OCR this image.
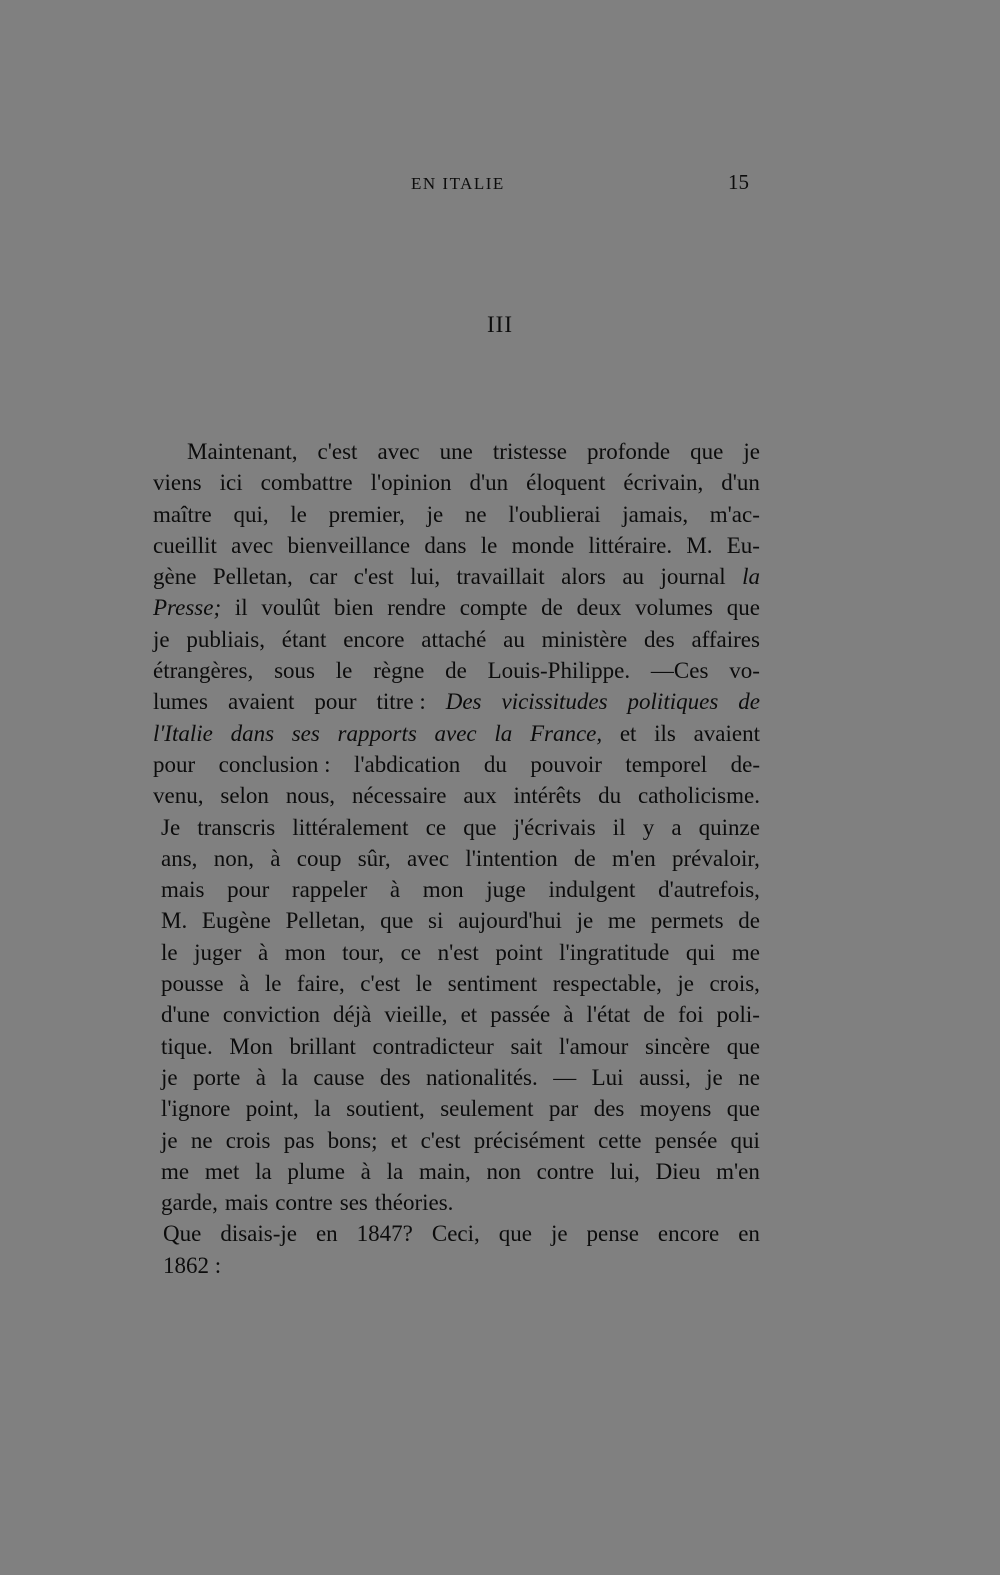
EN ITALIE	15
III
Maintenant, c'est avec une tristesse profonde que je
viens ici combattre l'opinion d'un éloquent écrivain, d'un
maître qui, le premier, je ne l'oublierai jamais, m'ac-
cueillit avec bienveillance dans le monde littéraire. M. Eu-
gène Pelletan, car c'est lui, travaillait alors au journal la
Presse; il voulût bien rendre compte de deux volumes que
je publiais, étant encore attaché au ministère des affaires
étrangères, sous le règne de Louis-Philippe. —Ces vo-
lumes avaient pour titre : Des vicissitudes politiques de
l'Italie dans ses rapports avec la France, et ils avaient
pour conclusion : l'abdication du pouvoir temporel de-
venu, selon nous, nécessaire aux intérêts du catholicisme.
Je transcris littéralement ce que j'écrivais il y a quinze
ans, non, à coup sûr, avec l'intention de m'en prévaloir,
mais pour rappeler à mon juge indulgent d'autrefois,
M. Eugène Pelletan, que si aujourd'hui je me permets de
le juger à mon tour, ce n'est point l'ingratitude qui me
pousse à le faire, c'est le sentiment respectable, je crois,
d'une conviction déjà vieille, et passée à l'état de foi poli-
tique. Mon brillant contradicteur sait l'amour sincère que
je porte à la cause des nationalités. — Lui aussi, je ne
l'ignore point, la soutient, seulement par des moyens que
je ne crois pas bons; et c'est précisément cette pensée qui
me met la plume à la main, non contre lui, Dieu m'en
garde, mais contre ses théories.
Que disais-je en 1847? Ceci, que je pense encore en
1862 :
